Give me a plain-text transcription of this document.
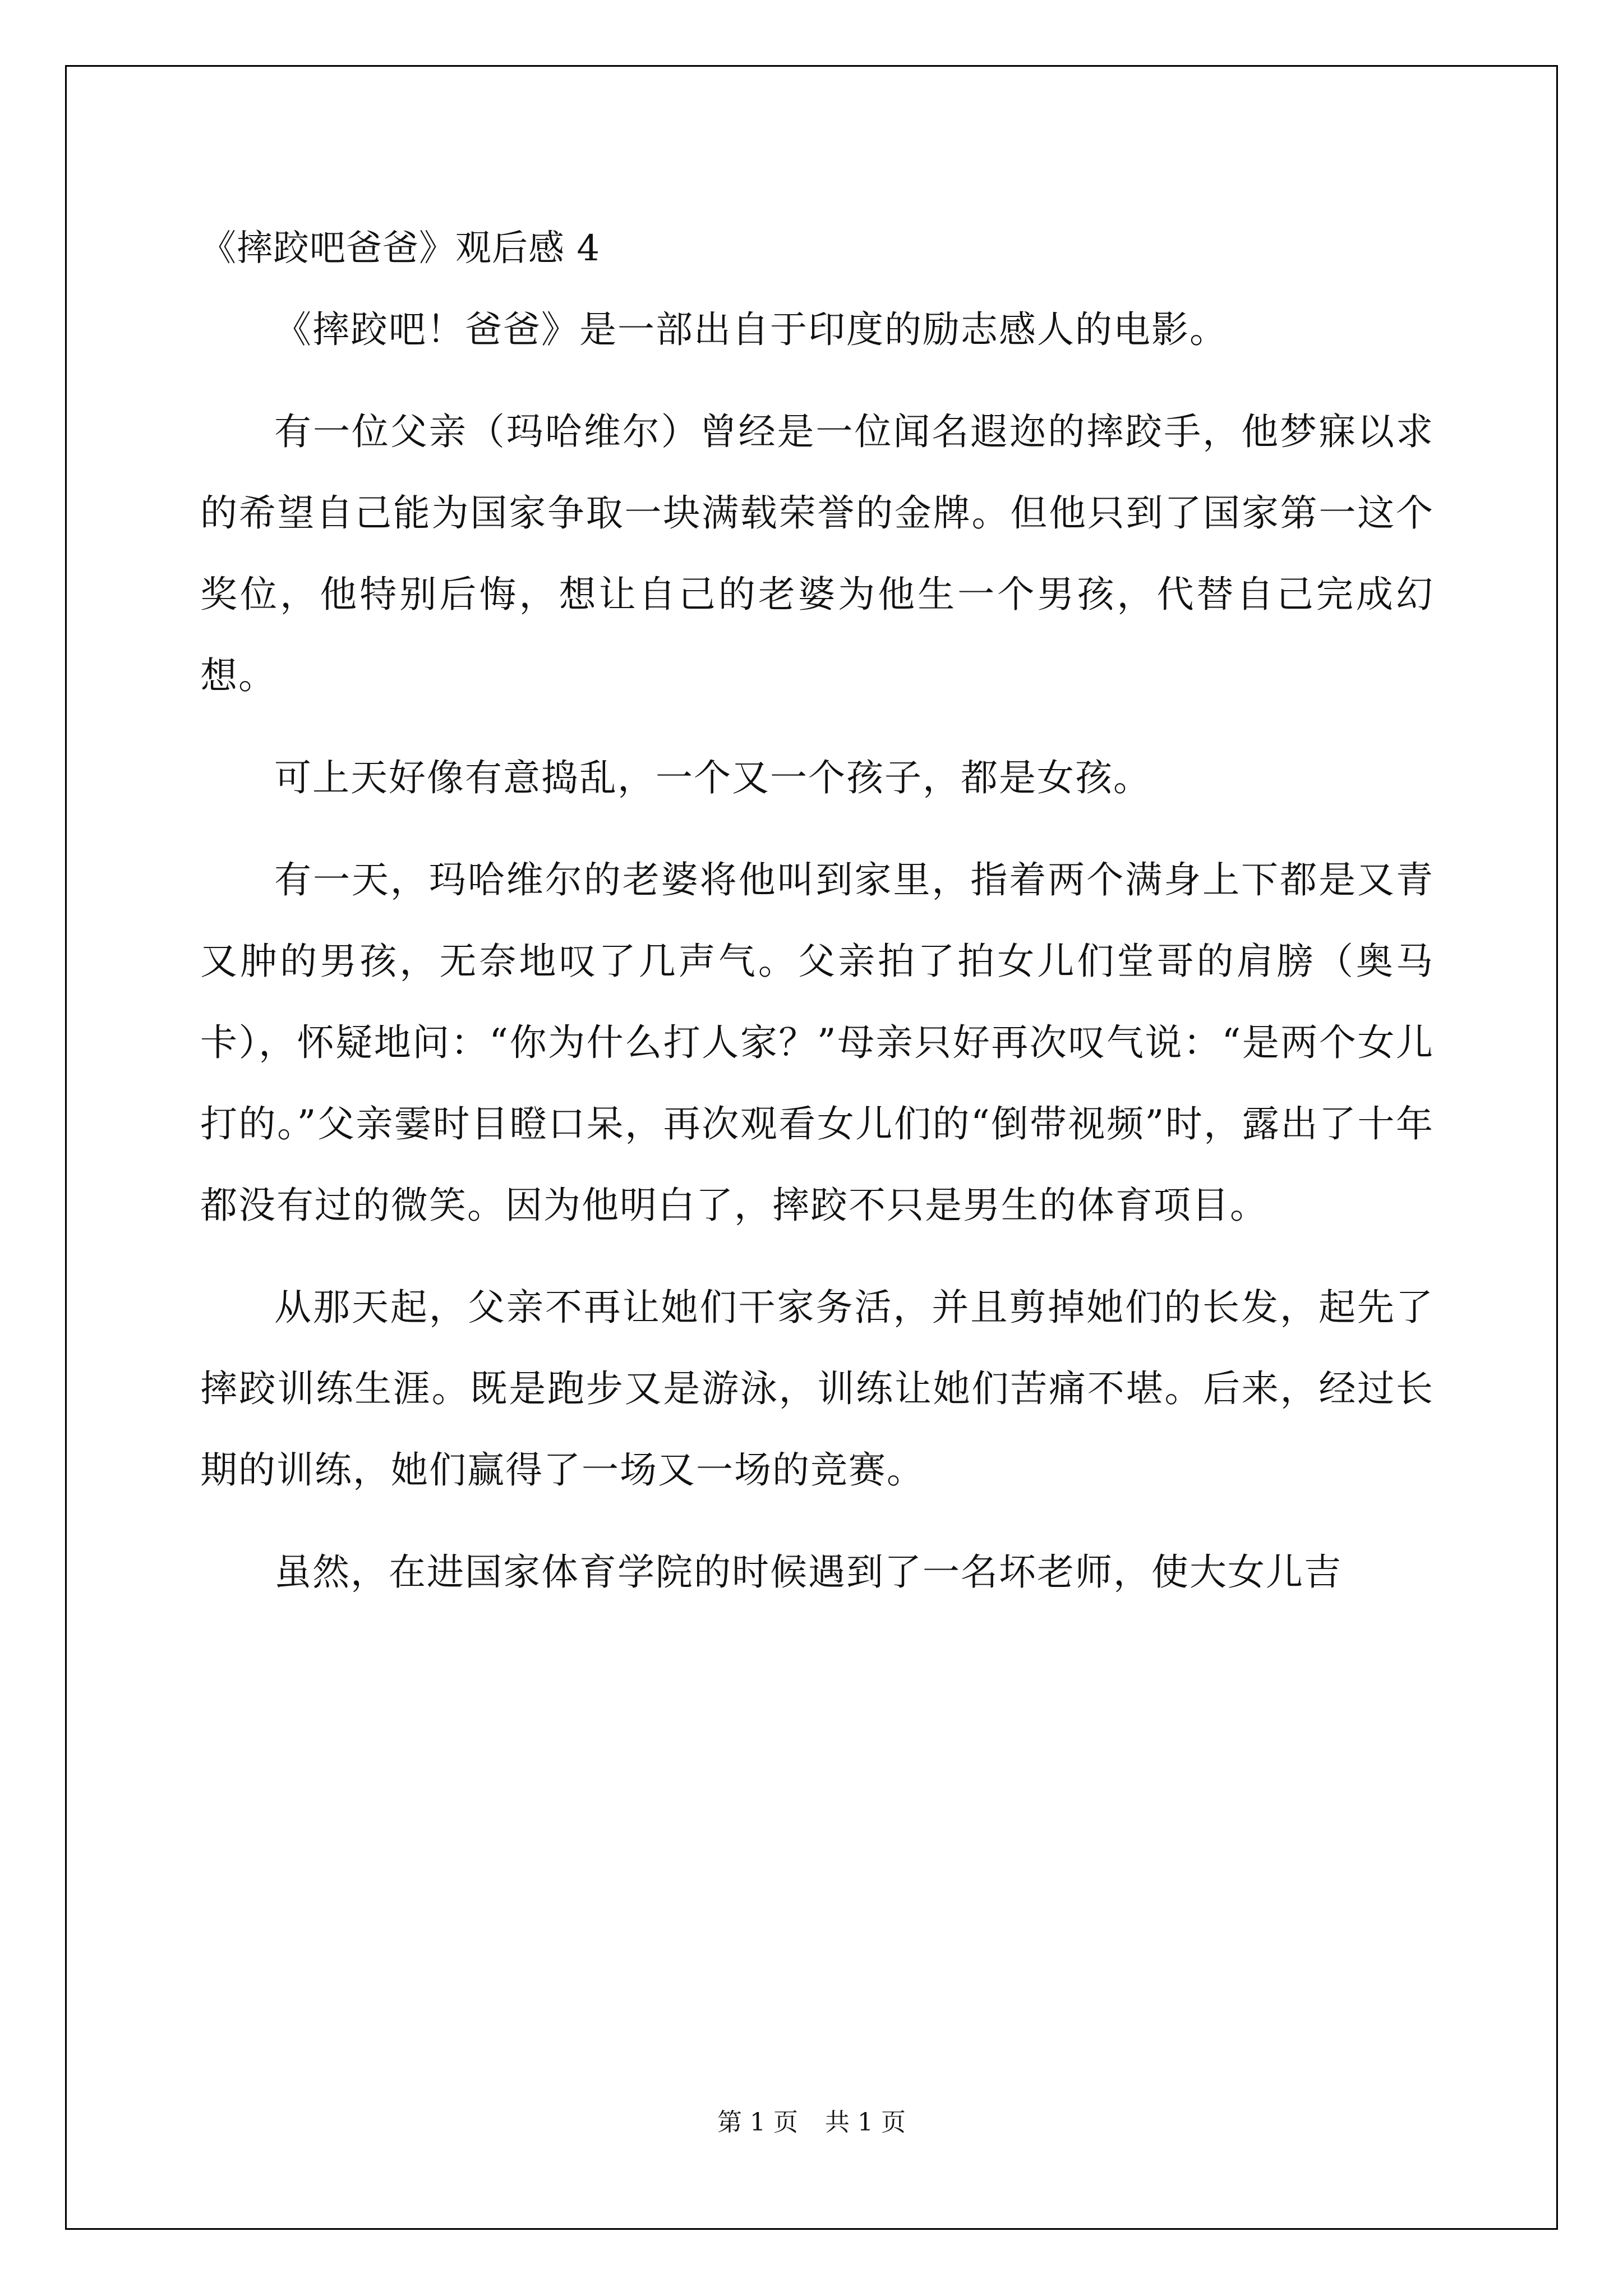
《摔跤吧爸爸》观后感 4

《摔跤吧！爸爸》是一部出自于印度的励志感人的电影。

有一位父亲（玛哈维尔）曾经是一位闻名遐迩的摔跤手，他梦寐以求的希望自己能为国家争取一块满载荣誉的金牌。但他只到了国家第一这个奖位，他特别后悔，想让自己的老婆为他生一个男孩，代替自己完成幻想。

可上天好像有意捣乱，一个又一个孩子，都是女孩。

有一天，玛哈维尔的老婆将他叫到家里，指着两个满身上下都是又青又肿的男孩，无奈地叹了几声气。父亲拍了拍女儿们堂哥的肩膀（奥马卡），怀疑地问：“你为什么打人家？”母亲只好再次叹气说：“是两个女儿打的。”父亲霎时目瞪口呆，再次观看女儿们的“倒带视频”时，露出了十年都没有过的微笑。因为他明白了，摔跤不只是男生的体育项目。

从那天起，父亲不再让她们干家务活，并且剪掉她们的长发，起先了摔跤训练生涯。既是跑步又是游泳，训练让她们苦痛不堪。后来，经过长期的训练，她们赢得了一场又一场的竞赛。

虽然，在进国家体育学院的时候遇到了一名坏老师，使大女儿吉

第 1 页 共 1 页
